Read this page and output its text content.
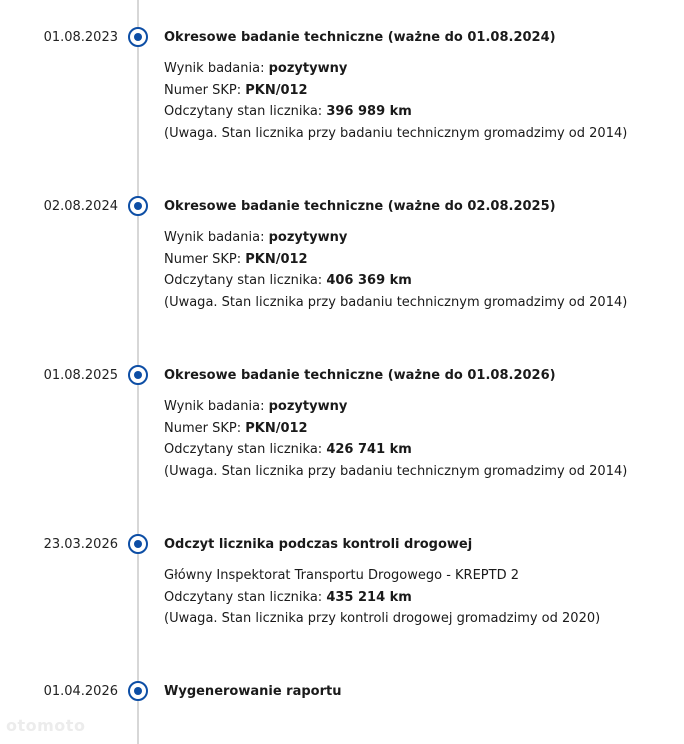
01.08.2023	Okresowe badanie techniczne (ważne do 01.08.2024)
Wynik badania: pozytywny
Numer SKP: PKN/012
Odczytany stan licznika: 396 989 km
(Uwaga. Stan licznika przy badaniu technicznym gromadzimy od 2014)
02.08.2024	Okresowe badanie techniczne (ważne do 02.08.2025)
Wynik badania: pozytywny
Numer SKP: PKN/012
Odczytany stan licznika: 406 369 km
(Uwaga. Stan licznika przy badaniu technicznym gromadzimy od 2014)
01.08.2025	Okresowe badanie techniczne (ważne do 01.08.2026)
Wynik badania: pozytywny
Numer SKP: PKN/012
Odczytany stan licznika: 426 741 km
(Uwaga. Stan licznika przy badaniu technicznym gromadzimy od 2014)
23.03.2026	Odczyt licznika podczas kontroli drogowej
Główny Inspektorat Transportu Drogowego - KREPTD 2
Odczytany stan licznika: 435 214 km
(Uwaga. Stan licznika przy kontroli drogowej gromadzimy od 2020)
01.04.2026	Wygenerowanie raportu
otomoto
